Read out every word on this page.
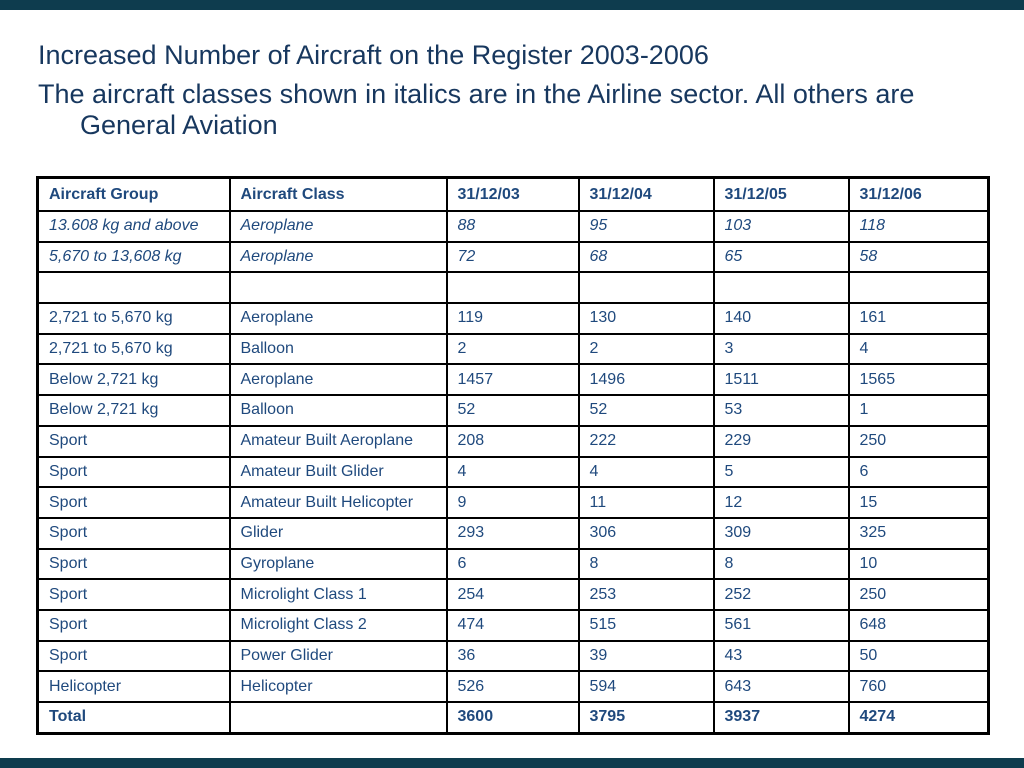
Increased Number of Aircraft on the Register 2003-2006
The aircraft classes shown in italics are in the Airline sector. All others are
General Aviation
Aircraft Group	Aircraft Class	31/12/03	31/12/04	31/12/05	31/12/06
13.608 kg and above	Aeroplane	88	95	103	118
5,670 to 13,608 kg	Aeroplane	72	68	65	58

2,721 to 5,670 kg	Aeroplane	119	130	140	161
2,721 to 5,670 kg	Balloon	2	2	3	4
Below 2,721 kg	Aeroplane	1457	1496	1511	1565
Below 2,721 kg	Balloon	52	52	53	1
Sport	Amateur Built Aeroplane	208	222	229	250
Sport	Amateur Built Glider	4	4	5	6
Sport	Amateur Built Helicopter	9	11	12	15
Sport	Glider	293	306	309	325
Sport	Gyroplane	6	8	8	10
Sport	Microlight Class 1	254	253	252	250
Sport	Microlight Class 2	474	515	561	648
Sport	Power Glider	36	39	43	50
Helicopter	Helicopter	526	594	643	760
Total		3600	3795	3937	4274
